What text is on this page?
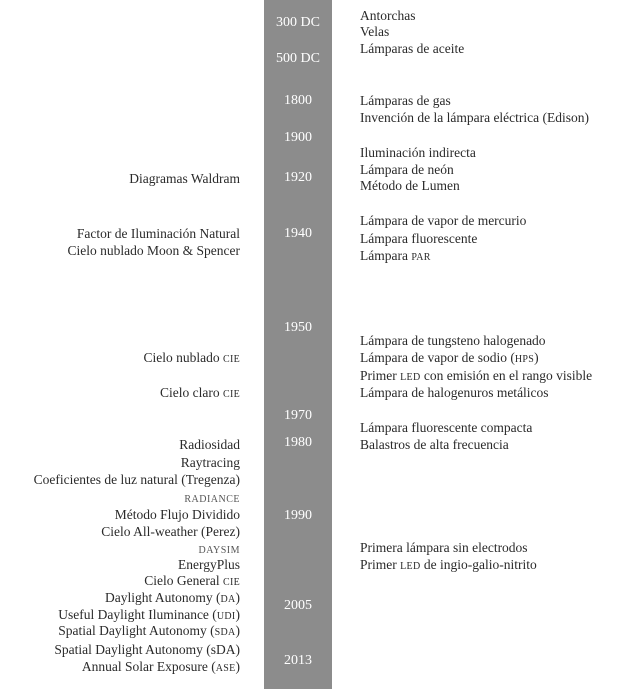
300 DC
500 DC
1800
1900
1920
1940
1950
1970
1980
1990
2005
2013
Antorchas
Velas
Lámparas de aceite
Lámparas de gas
Invención de la lámpara eléctrica (Edison)
Iluminación indirecta
Lámpara de neón
Método de Lumen
Lámpara de vapor de mercurio
Lámpara fluorescente
Lámpara PAR
Lámpara de tungsteno halogenado
Lámpara de vapor de sodio (HPS)
Primer LED con emisión en el rango visible
Lámpara de halogenuros metálicos
Lámpara fluorescente compacta
Balastros de alta frecuencia
Primera lámpara sin electrodos
Primer LED de ingio-galio-nitrito
Diagramas Waldram
Factor de Iluminación Natural
Cielo nublado Moon & Spencer
Cielo nublado CIE
Cielo claro CIE
Radiosidad
Raytracing
Coeficientes de luz natural (Tregenza)
RADIANCE
Método Flujo Dividido
Cielo All-weather (Perez)
DAYSIM
EnergyPlus
Cielo General CIE
Daylight Autonomy (DA)
Useful Daylight Iluminance (UDI)
Spatial Daylight Autonomy (SDA)
Spatial Daylight Autonomy (sDA)
Annual Solar Exposure (ASE)
